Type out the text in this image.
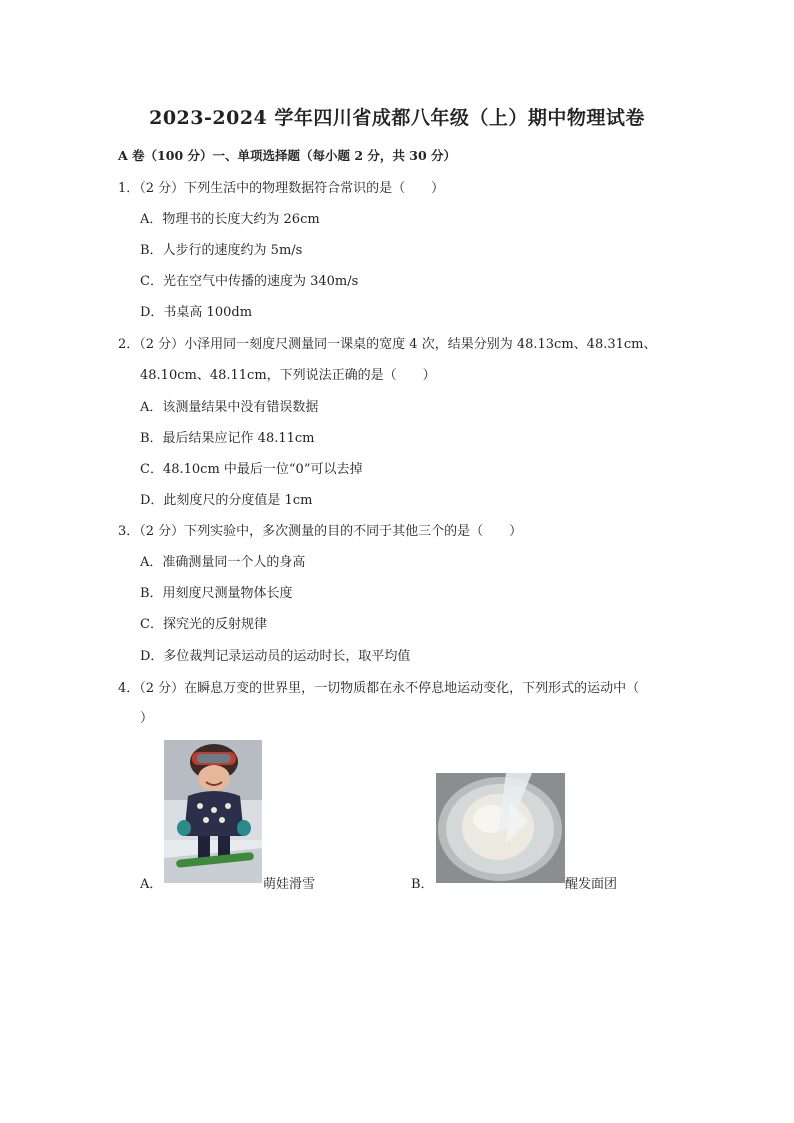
2023-2024 学年四川省成都八年级（上）期中物理试卷
A 卷（100 分）一、单项选择题（每小题 2 分，共 30 分）
1．（2 分）下列生活中的物理数据符合常识的是（　　）
A．物理书的长度大约为 26cm
B．人步行的速度约为 5m/s
C．光在空气中传播的速度为 340m/s
D．书桌高 100dm
2．（2 分）小泽用同一刻度尺测量同一课桌的宽度 4 次，结果分别为 48.13cm、48.31cm、
48.10cm、48.11cm，下列说法正确的是（　　）
A．该测量结果中没有错误数据
B．最后结果应记作 48.11cm
C．48.10cm 中最后一位“0”可以去掉
D．此刻度尺的分度值是 1cm
3．（2 分）下列实验中，多次测量的目的不同于其他三个的是（　　）
A．准确测量同一个人的身高
B．用刻度尺测量物体长度
C．探究光的反射规律
D．多位裁判记录运动员的运动时长，取平均值
4．（2 分）在瞬息万变的世界里，一切物质都在永不停息地运动变化，下列形式的运动中（
）
A．	萌娃滑雪	B．	醒发面团
